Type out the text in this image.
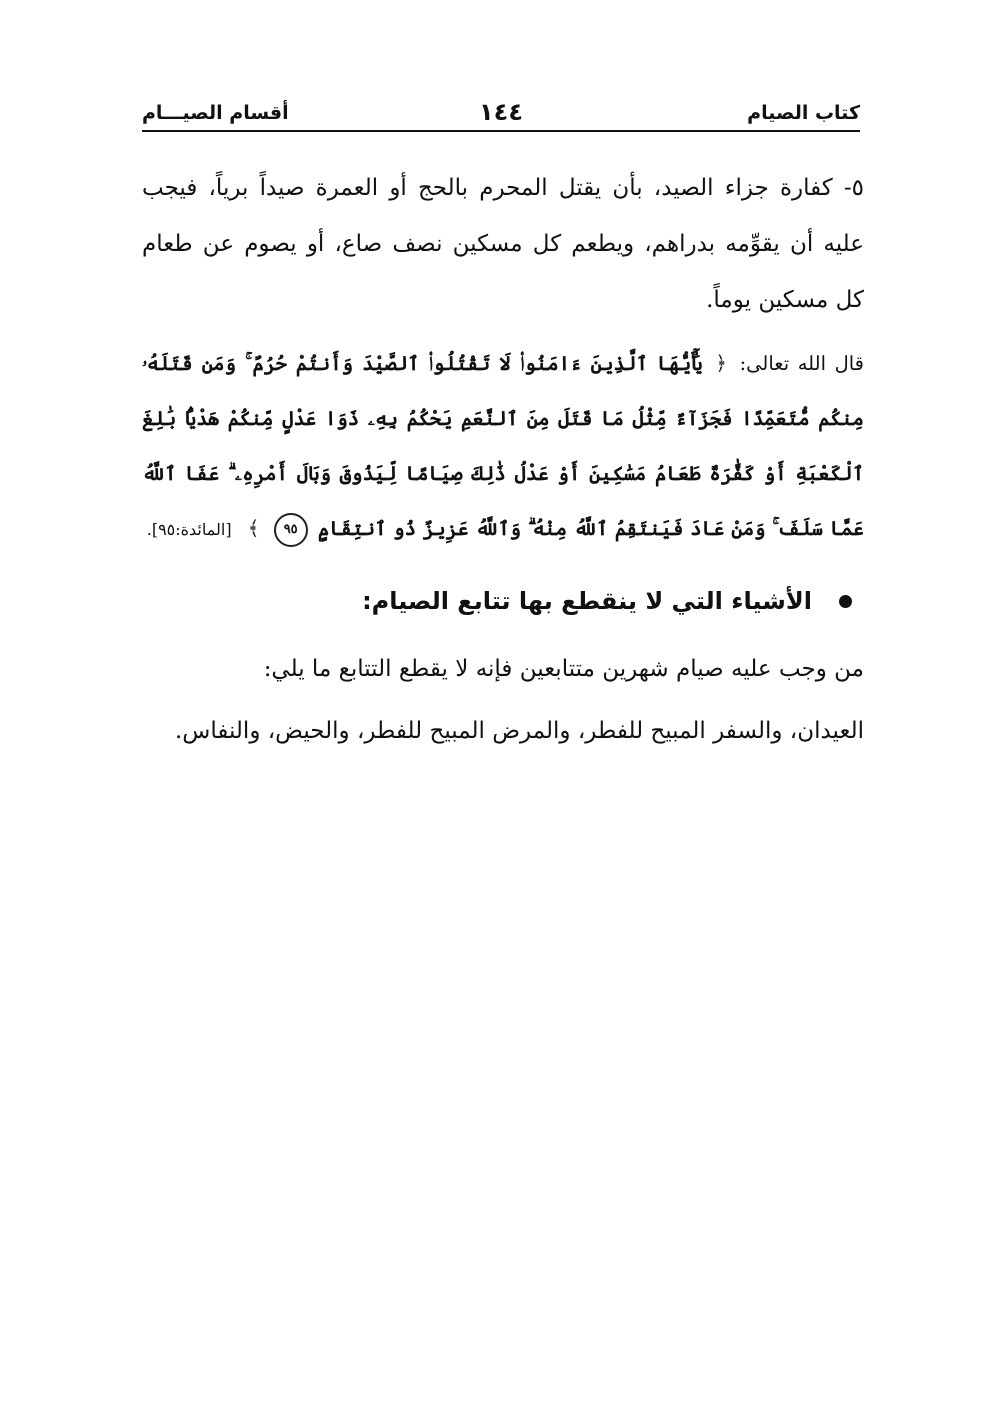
كتاب الصيام
١٤٤
أقسام الصيـــام

٥- كفارة جزاء الصيد، بأن يقتل المحرم بالحج أو العمرة صيداً برياً، فيجب عليه أن يقوِّمه بدراهم، ويطعم كل مسكين نصف صاع، أو يصوم عن طعام كل مسكين يوماً.

قال الله تعالى: ﴿ يَٰٓأَيُّهَا ٱلَّذِينَ ءَامَنُوا۟ لَا تَقْتُلُوا۟ ٱلصَّيْدَ وَأَنتُمْ حُرُمٌ ۚ وَمَن قَتَلَهُۥ مِنكُم مُّتَعَمِّدًا فَجَزَآءٌ مِّثْلُ مَا قَتَلَ مِنَ ٱلنَّعَمِ يَحْكُمُ بِهِۦ ذَوَا عَدْلٍ مِّنكُمْ هَدْيًۢا بَٰلِغَ ٱلْكَعْبَةِ أَوْ كَفَّٰرَةٌ طَعَامُ مَسَٰكِينَ أَوْ عَدْلُ ذَٰلِكَ صِيَامًا لِّيَذُوقَ وَبَالَ أَمْرِهِۦ ۗ عَفَا ٱللَّهُ عَمَّا سَلَفَ ۚ وَمَنْ عَادَ فَيَنتَقِمُ ٱللَّهُ مِنْهُ ۗ وَٱللَّهُ عَزِيزٌ ذُو ٱنتِقَامٍ ٩٥ ﴾ [المائدة:٩٥].

الأشياء التي لا ينقطع بها تتابع الصيام:

من وجب عليه صيام شهرين متتابعين فإنه لا يقطع التتابع ما يلي:

العيدان، والسفر المبيح للفطر، والمرض المبيح للفطر، والحيض، والنفاس.
